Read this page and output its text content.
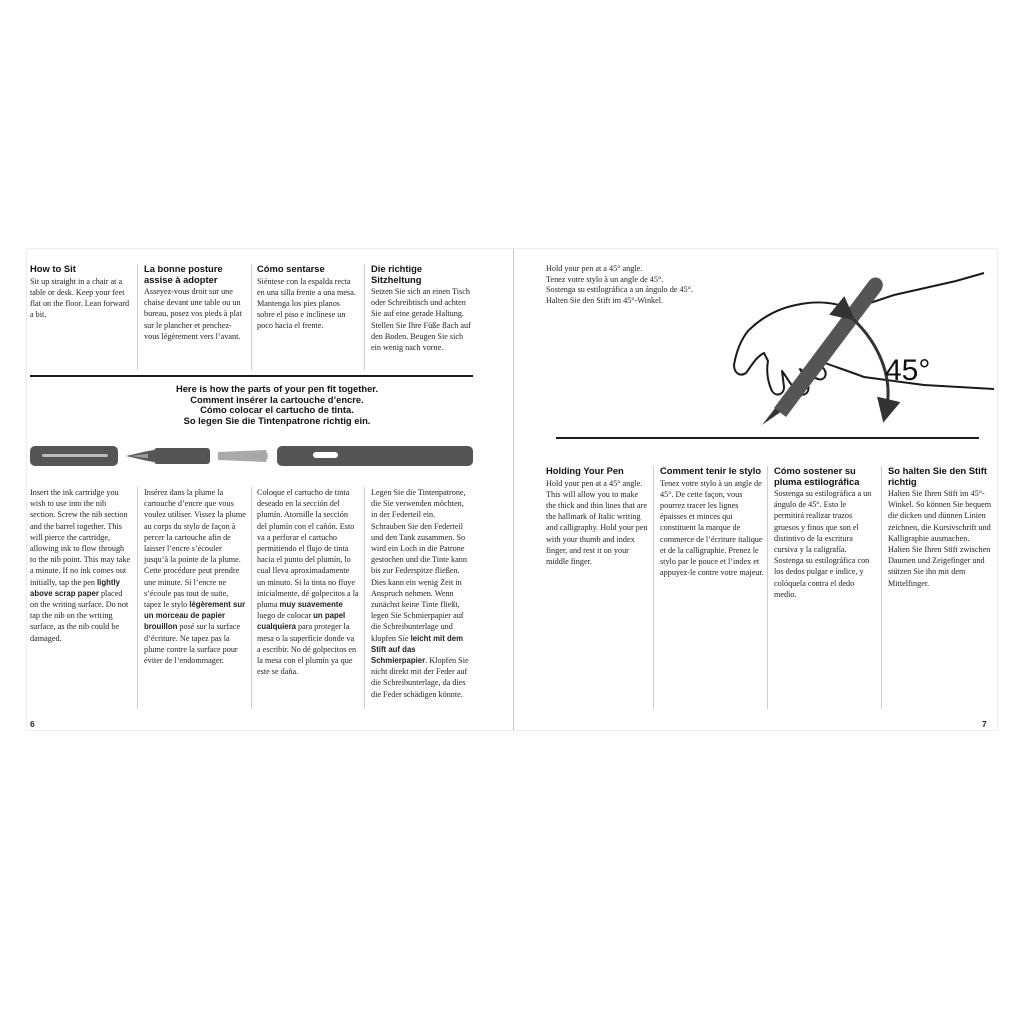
How to Sit

Sit up straight in a chair at a table or desk. Keep your feet flat on the floor. Lean forward a bit.

La bonne posture assise à adopter

Asseyez-vous droit sur une chaise devant une table ou un bureau, posez vos pieds à plat sur le plancher et penchez-vous légèrement vers l’avant.

Cómo sentarse

Siéntese con la espalda recta en una silla frente a una mesa. Mantenga los pies planos sobre el piso e inclínese un poco hacia el frente.

Die richtige Sitzheltung

Setzen Sie sich an einen Tisch oder Schreibtisch und achten Sie auf eine gerade Haltung. Stellen Sie Ihre Füße flach auf den Boden. Beugen Sie sich ein wenig nach vorne.

Here is how the parts of your pen fit together.
Comment insérer la cartouche d’encre.
Cómo colocar el cartucho de tinta.
So legen Sie die Tintenpatrone richtig ein.

Insert the ink cartridge you wish to use into the nib section. Screw the nib section and the barrel together. This will pierce the cartridge, allowing ink to flow through to the nib point. This may take a minute. If no ink comes out initially, tap the pen lightly above scrap paper placed on the writing surface. Do not tap the nib on the writing surface, as the nib could be damaged.

Insérez dans la plume la cartouche d’encre que vous voulez utiliser. Vissez la plume au corps du stylo de façon à percer la cartouche afin de laisser l’encre s’écouler jusqu’à la pointe de la plume. Cette procédure peut prendre une minute. Si l’encre ne s’écoule pas tout de suite, tapez le stylo légèrement sur un morceau de papier brouillon posé sur la surface d’écriture. Ne tapez pas la plume contre la surface pour éviter de l’endommager.

Coloque el cartucho de tinta deseado en la sección del plumín. Atornille la sección del plumín con el cañón. Esto va a perforar el cartucho permitiendo el flujo de tinta hacia el punto del plumín, lo cual lleva aproximadamente un minuto. Si la tinta no fluye inicialmente, dé golpecitos a la pluma muy suavemente luego de colocar un papel cualquiera para proteger la mesa o la superficie donde va a escribir. No dé golpecitos en la mesa con el plumín ya que este se daña.

Legen Sie die Tintenpatrone, die Sie verwenden möchten, in der Federteil ein. Schrauben Sie den Federteil und den Tank zusammen. So wird ein Loch in die Patrone gestochen und die Tinte kann bis zur Federspitze fließen. Dies kann ein wenig Zeit in Anspruch nehmen. Wenn zunächst keine Tinte fließt, legen Sie Schmierpapier auf die Schreibunterlage und klopfen Sie leicht mit dem Stift auf das Schmierpapier. Klopfen Sie nicht direkt mit der Feder auf die Schreibunterlage, da dies die Feder schädigen könnte.

6
Hold your pen at a 45° angle.
Tenez votre stylo à un angle de 45°.
Sostenga su estilográfica a un ángulo de 45°.
Halten Sie den Stift im 45°-Winkel.
45°
Holding Your Pen

Hold your pen at a 45° angle. This will allow you to make the thick and thin lines that are the hallmark of Italic writing and calligraphy. Hold your pen with your thumb and index finger, and rest it on your middle finger.

Comment tenir le stylo

Tenez votre stylo à un angle de 45°. De cette façon, vous pourrez tracer les lignes épaisses et minces qui constituent la marque de commerce de l’écriture italique et de la calligraphie. Prenez le stylo par le pouce et l’index et appuyez-le contre votre majeur.

Cómo sostener su pluma estilográfica

Sostenga su estilográfica a un ángulo de 45°. Esto le permitirá realizar trazos gruesos y finos que son el distintivo de la escritura cursiva y la caligrafía. Sostenga su estilográfica con los dedos pulgar e índice, y colóquela contra el dedo medio.

So halten Sie den Stift richtig

Halten Sie Ihren Stift im 45°-Winkel. So können Sie bequem die dicken und dünnen Linien zeichnen, die Kursivschrift und Kalligraphie ausmachen. Halten Sie Ihren Stift zwischen Daumen und Zeigefinger und stützen Sie ihn mit dem Mittelfinger.

7
